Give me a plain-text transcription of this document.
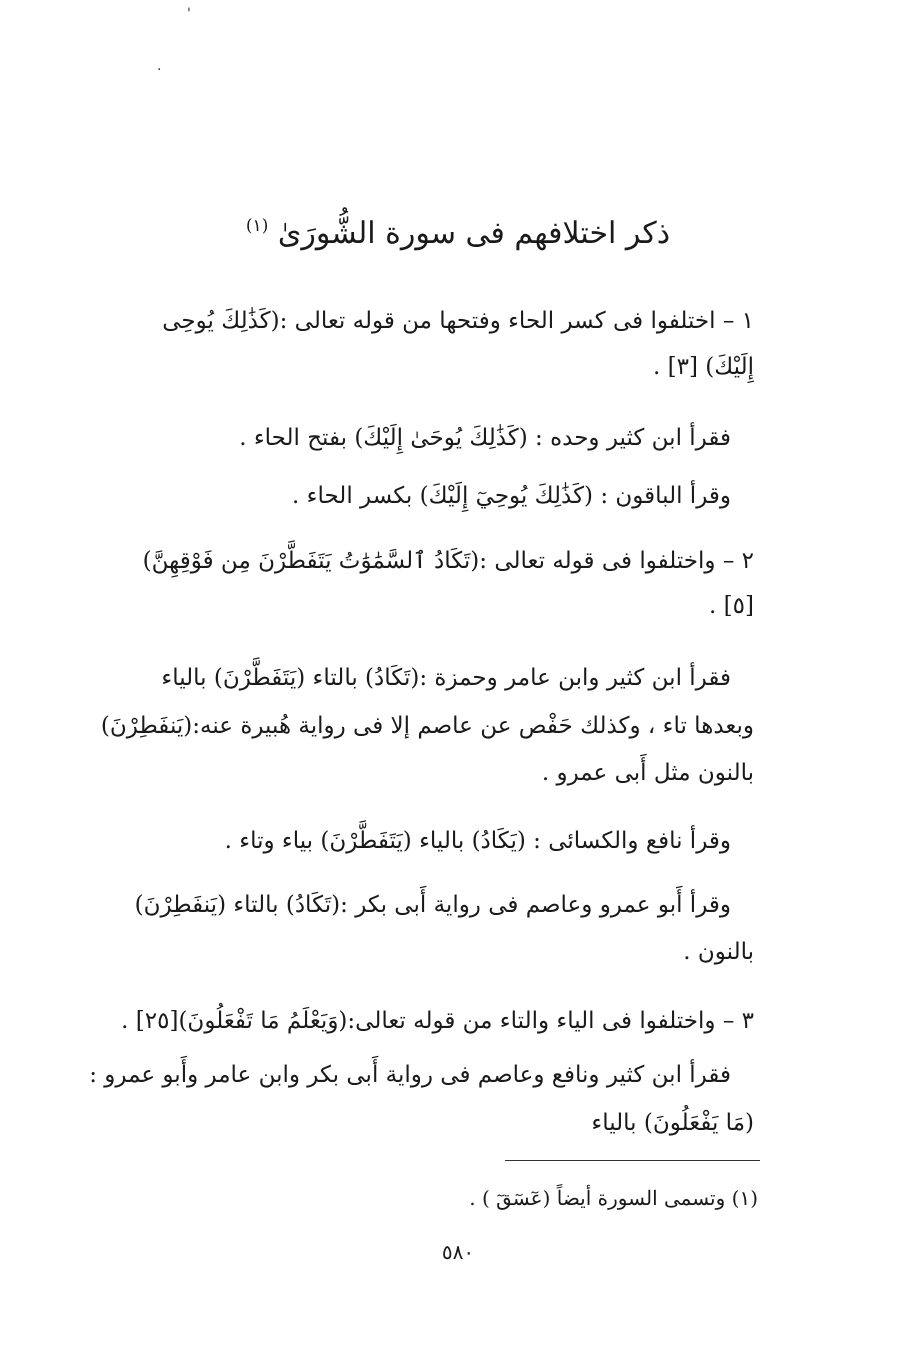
'
·
ذكر اختلافهم فى سورة الشُّورَىٰ $^{(١)}$
١ – اختلفوا فى كسر الحاء وفتحها من قوله تعالى :(كَذَٰلِكَ يُوحِى
إِلَيْكَ) [٣] .
فقرأ ابن كثير وحده : (كَذَٰلِكَ يُوحَىٰ إِلَيْكَ) بفتح الحاء .
وقرأ الباقون : (كَذَٰلِكَ يُوحِيٓ إِلَيْكَ) بكسر الحاء .
٢ – واختلفوا فى قوله تعالى :(تَكَادُ ٱلسَّمَٰوَٰتُ يَتَفَطَّرْنَ مِن فَوْقِهِنَّ)
[٥] .
فقرأ ابن كثير وابن عامر وحمزة :(تَكَادُ) بالتاء (يَتَفَطَّرْنَ) بالياء
وبعدها تاء ، وكذلك حَفْص عن عاصم إلا فى رواية هُبيرة عنه:(يَنفَطِرْنَ)
بالنون مثل أَبى عمرو .
وقرأ نافع والكسائى : (يَكَادُ) بالياء (يَتَفَطَّرْنَ) بياء وتاء .
وقرأ أَبو عمرو وعاصم فى رواية أَبى بكر :(تَكَادُ) بالتاء (يَنفَطِرْنَ)
بالنون .
٣ – واختلفوا فى الياء والتاء من قوله تعالى:(وَيَعْلَمُ مَا تَفْعَلُونَ)[٢٥] .
فقرأ ابن كثير ونافع وعاصم فى رواية أَبى بكر وابن عامر وأَبو عمرو :
(مَا يَفْعَلُونَ) بالياء
(١) وتسمى السورة أيضاً (عٓسٓقٓ ) .
٥٨٠
